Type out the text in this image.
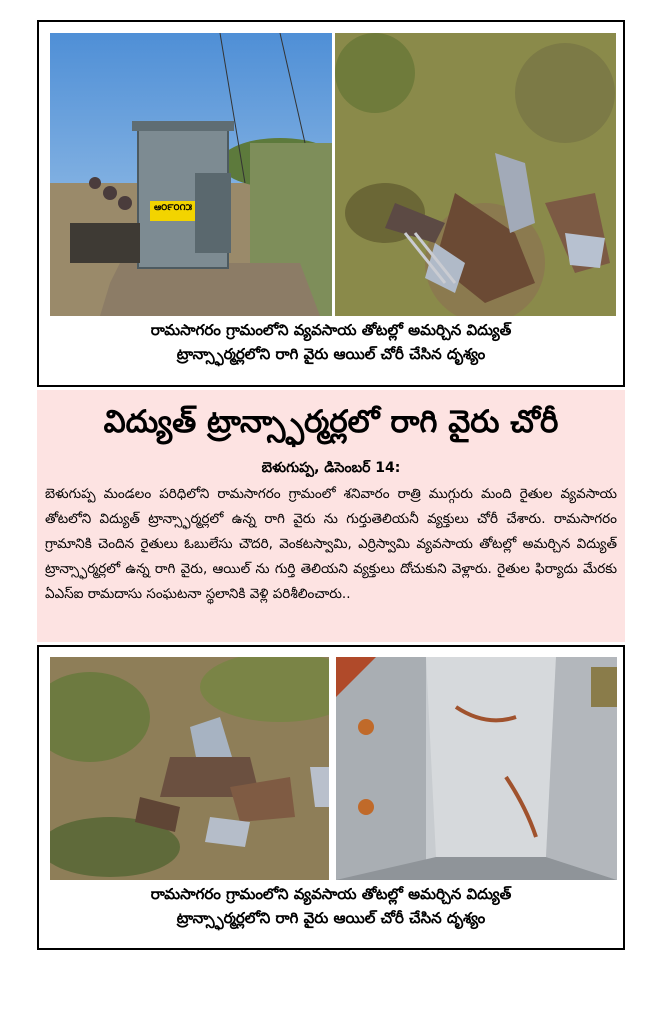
ఆ౦౯౦౧౫
రామసాగరం గ్రామంలోని వ్యవసాయ తోటల్లో అమర్చిన విద్యుత్
ట్రాన్స్ఫార్మర్లలోని రాగి వైరు ఆయిల్ చోరీ చేసిన దృశ్యం
విద్యుత్ ట్రాన్స్ఫార్మర్లలో రాగి వైరు చోరీ
బెళుగుప్ప, డిసెంబర్ 14:
బెళుగుప్ప మండలం పరిధిలోని రామసాగరం గ్రామంలో శనివారం రాత్రి ముగ్గురు మంది రైతుల వ్యవసాయ తోటలోని విద్యుత్ ట్రాన్స్ఫార్మర్లలో ఉన్న రాగి వైరు ను గుర్తుతెలియనీ వ్యక్తులు చోరీ చేశారు. రామసాగరం గ్రామానికి చెందిన రైతులు ఓబులేసు చౌదరి, వెంకటస్వామి, ఎర్రిస్వామి వ్యవసాయ తోటల్లో అమర్చిన విద్యుత్ ట్రాన్స్ఫార్మర్లలో ఉన్న రాగి వైరు, ఆయిల్ ను గుర్తి తెలియని వ్యక్తులు దోచుకుని వెళ్లారు. రైతుల ఫిర్యాదు మేరకు ఏఎస్ఐ రామదాసు సంఘటనా స్థలానికి వెళ్లి పరిశీలించారు..
రామసాగరం గ్రామంలోని వ్యవసాయ తోటల్లో అమర్చిన విద్యుత్
ట్రాన్స్ఫార్మర్లలోని రాగి వైరు ఆయిల్ చోరీ చేసిన దృశ్యం
